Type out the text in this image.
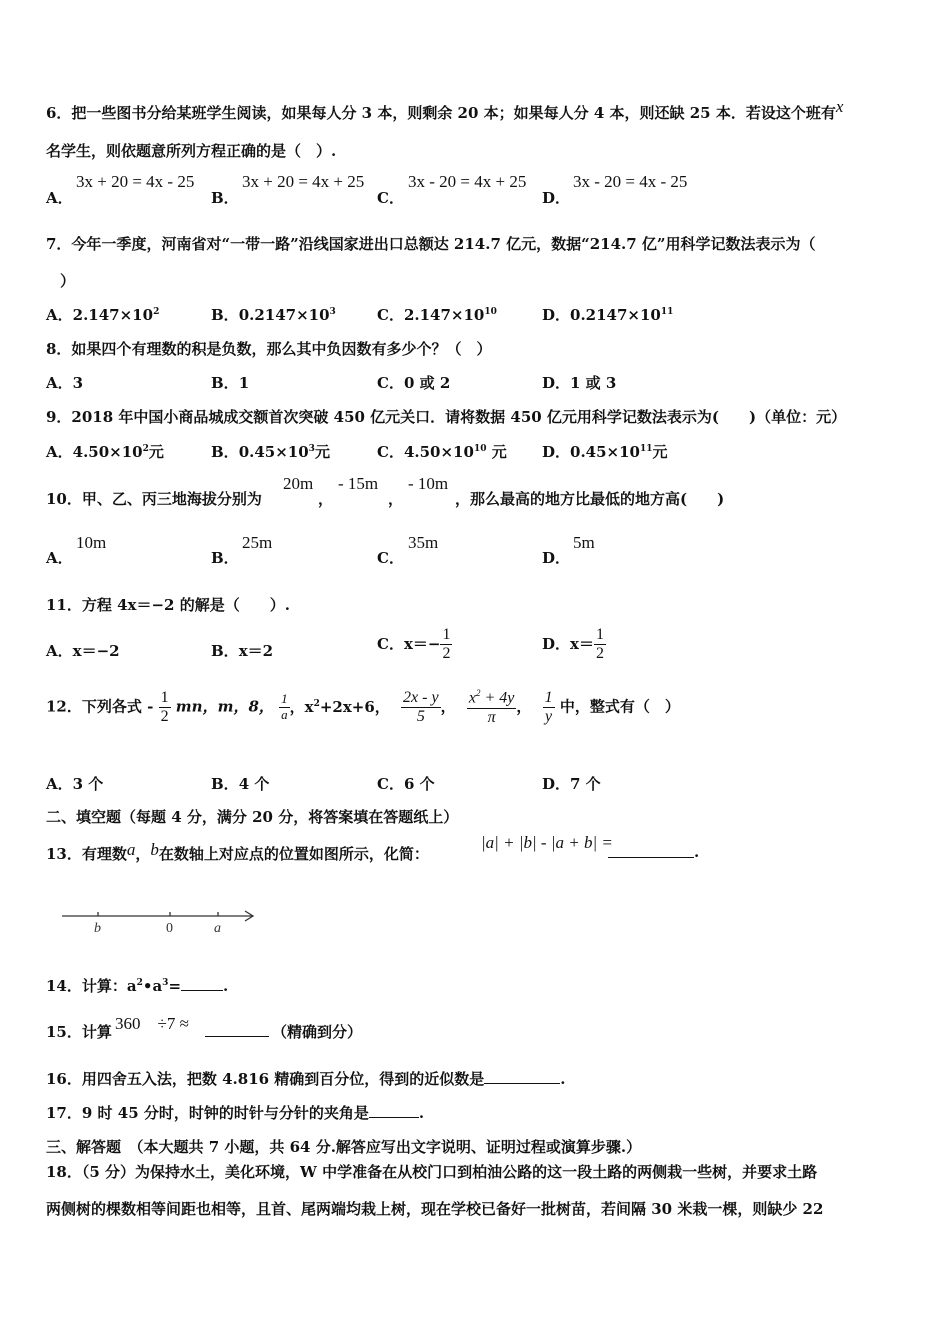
6．把一些图书分给某班学生阅读，如果每人分 3 本，则剩余 20 本；如果每人分 4 本，则还缺 25 本．若设这个班有x
名学生，则依题意所列方程正确的是（　）.
A．
3x + 20 = 4x - 25
B．
3x + 20 = 4x + 25
C．
3x - 20 = 4x + 25
D．
3x - 20 = 4x - 25
7．今年一季度，河南省对“一带一路”沿线国家进出口总额达 214.7 亿元，数据“214.7 亿”用科学记数法表示为（
）
A．$2.147\times 10^2$	B．$0.2147\times 10^3$	C．$2.147\times 10^{10}$	D．$0.2147\times 10^{11}$
8．如果四个有理数的积是负数，那么其中负因数有多少个？（　）
A．3	B．1	C．0 或 2	D．1 或 3
9．2018 年中国小商品城成交额首次突破 450 亿元关口．请将数据 450 亿元用科学记数法表示为(　　)（单位：元）
A．$4.50\times 10^2$元	B．$0.45\times 10^3$元	C．$4.50\times 10^{10}$ 元 D．$0.45\times 10^{11}$元
10．甲、乙、丙三地海拔分别为
20m
，
- 15m
，
- 10m
，那么最高的地方比最低的地方高(　　)
A．
10m
B．
25m
C．
35m
D．
5m
11．方程 4x＝−2 的解是（　　）.
A．x＝−2	B．x＝2	C．$x=- \frac{1}{2}$	D．$x= \frac{1}{2}$
12．下列各式 - $\frac{1}{2}$ mn，m，8， $\frac{1}{a}$ ，$x^2+2x+6$， $\frac{2x - y}{5}$ ， $\frac{x^2 + 4y}{\pi}$ ， $\frac{1}{y}$ 中，整式有（　）
A．3 个	B．4 个	C．6 个	D．7 个
二、填空题（每题 4 分，满分 20 分，将答案填在答题纸上）
13．有理数a，b在数轴上对应点的位置如图所示，化简：
|a| + |b| - |a + b| =	.
b	0	a
14．计算：$a^2•a^3=$	.
15．计算 360　÷7 ≈	（精确到分）
16．用四舍五入法，把数 4.816 精确到百分位，得到的近似数是	.
17．9 时 45 分时，时钟的时针与分针的夹角是	.
三、解答题　（本大题共 7 小题，共 64 分.解答应写出文字说明、证明过程或演算步骤.）
18．（5 分）为保持水土，美化环境，W 中学准备在从校门口到柏油公路的这一段土路的两侧栽一些树，并要求土路
两侧树的棵数相等间距也相等，且首、尾两端均栽上树，现在学校已备好一批树苗，若间隔 30 米栽一棵，则缺少 22
